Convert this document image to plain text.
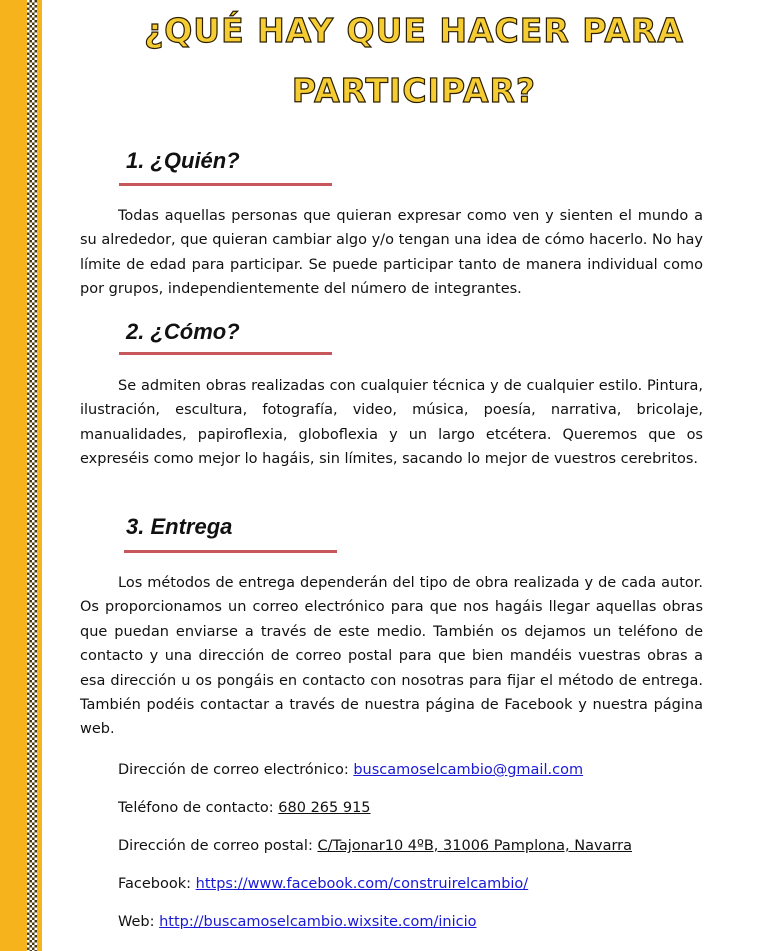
¿QUÉ HAY QUE HACER PARA
PARTICIPAR?
1. ¿Quién?

Todas aquellas personas que quieran expresar como ven y sienten el mundo a su alrededor, que quieran cambiar algo y/o tengan una idea de cómo hacerlo. No hay límite de edad para participar. Se puede participar tanto de manera individual como por grupos, independientemente del número de integrantes.

2. ¿Cómo?

Se admiten obras realizadas con cualquier técnica y de cualquier estilo. Pintura, ilustración, escultura, fotografía, video, música, poesía, narrativa, bricolaje, manualidades, papiroflexia, globoflexia y un largo etcétera. Queremos que os expreséis como mejor lo hagáis, sin límites, sacando lo mejor de vuestros cerebritos.

3. Entrega

Los métodos de entrega dependerán del tipo de obra realizada y de cada autor. Os proporcionamos un correo electrónico para que nos hagáis llegar aquellas obras que puedan enviarse a través de este medio. También os dejamos un teléfono de contacto y una dirección de correo postal para que bien mandéis vuestras obras a esa dirección u os pongáis en contacto con nosotras para fijar el método de entrega. También podéis contactar a través de nuestra página de Facebook y nuestra página web.

Dirección de correo electrónico: buscamoselcambio@gmail.com
Teléfono de contacto: 680 265 915
Dirección de correo postal: C/Tajonar10 4ºB, 31006 Pamplona, Navarra
Facebook: https://www.facebook.com/construirelcambio/
Web: http://buscamoselcambio.wixsite.com/inicio
